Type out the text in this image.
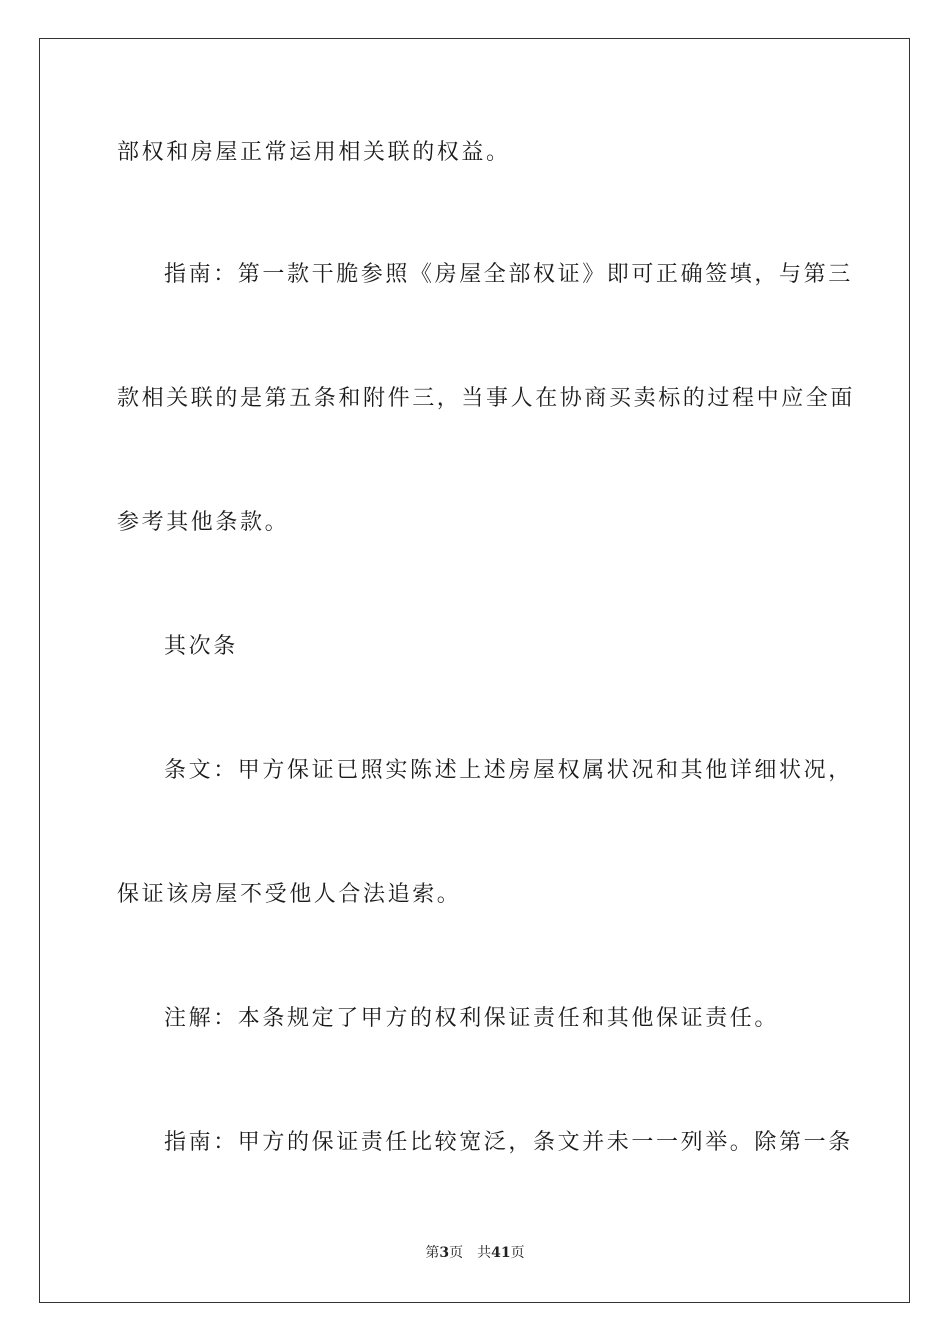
部权和房屋正常运用相关联的权益。
指南：第一款干脆参照《房屋全部权证》即可正确签填，与第三
款相关联的是第五条和附件三，当事人在协商买卖标的过程中应全面
参考其他条款。
其次条
条文：甲方保证已照实陈述上述房屋权属状况和其他详细状况，
保证该房屋不受他人合法追索。
注解：本条规定了甲方的权利保证责任和其他保证责任。
指南：甲方的保证责任比较宽泛，条文并未一一列举。除第一条
第3页 共41页
